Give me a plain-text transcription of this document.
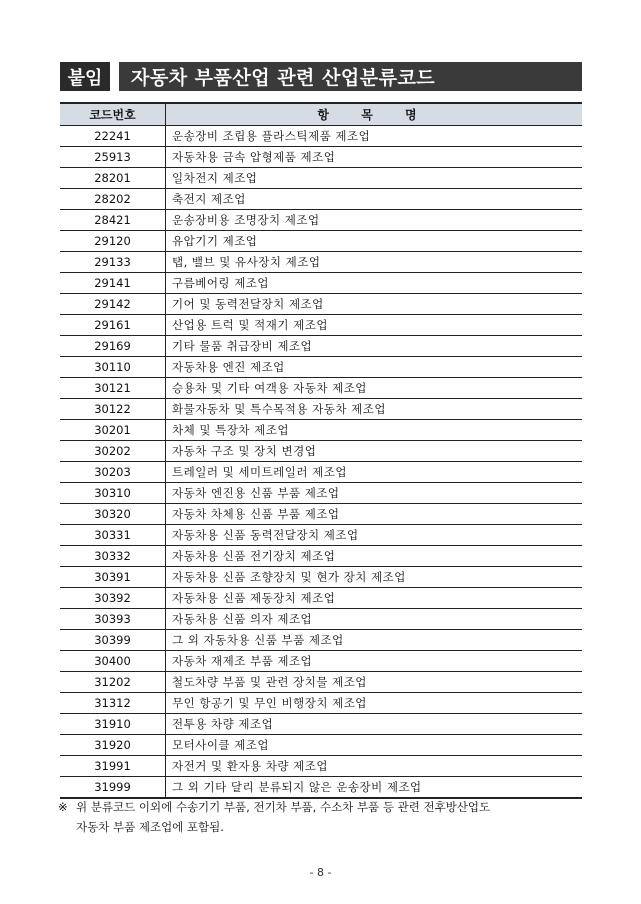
붙임	자동차 부품산업 관련 산업분류코드
코드번호	항 목 명
22241	운송장비 조립용 플라스틱제품 제조업
25913	자동차용 금속 압형제품 제조업
28201	일차전지 제조업
28202	축전지 제조업
28421	운송장비용 조명장치 제조업
29120	유압기기 제조업
29133	탭, 밸브 및 유사장치 제조업
29141	구름베어링 제조업
29142	기어 및 동력전달장치 제조업
29161	산업용 트럭 및 적재기 제조업
29169	기타 물품 취급장비 제조업
30110	자동차용 엔진 제조업
30121	승용차 및 기타 여객용 자동차 제조업
30122	화물자동차 및 특수목적용 자동차 제조업
30201	차체 및 특장차 제조업
30202	자동차 구조 및 장치 변경업
30203	트레일러 및 세미트레일러 제조업
30310	자동차 엔진용 신품 부품 제조업
30320	자동차 차체용 신품 부품 제조업
30331	자동차용 신품 동력전달장치 제조업
30332	자동차용 신품 전기장치 제조업
30391	자동차용 신품 조향장치 및 현가 장치 제조업
30392	자동차용 신품 제동장치 제조업
30393	자동차용 신품 의자 제조업
30399	그 외 자동차용 신품 부품 제조업
30400	자동차 재제조 부품 제조업
31202	철도차량 부품 및 관련 장치물 제조업
31312	무인 항공기 및 무인 비행장치 제조업
31910	전투용 차량 제조업
31920	모터사이클 제조업
31991	자전거 및 환자용 차량 제조업
31999	그 외 기타 달리 분류되지 않은 운송장비 제조업
※ 위 분류코드 이외에 수송기기 부품, 전기차 부품, 수소차 부품 등 관련 전후방산업도
자동차 부품 제조업에 포함됨.
- 8 -
